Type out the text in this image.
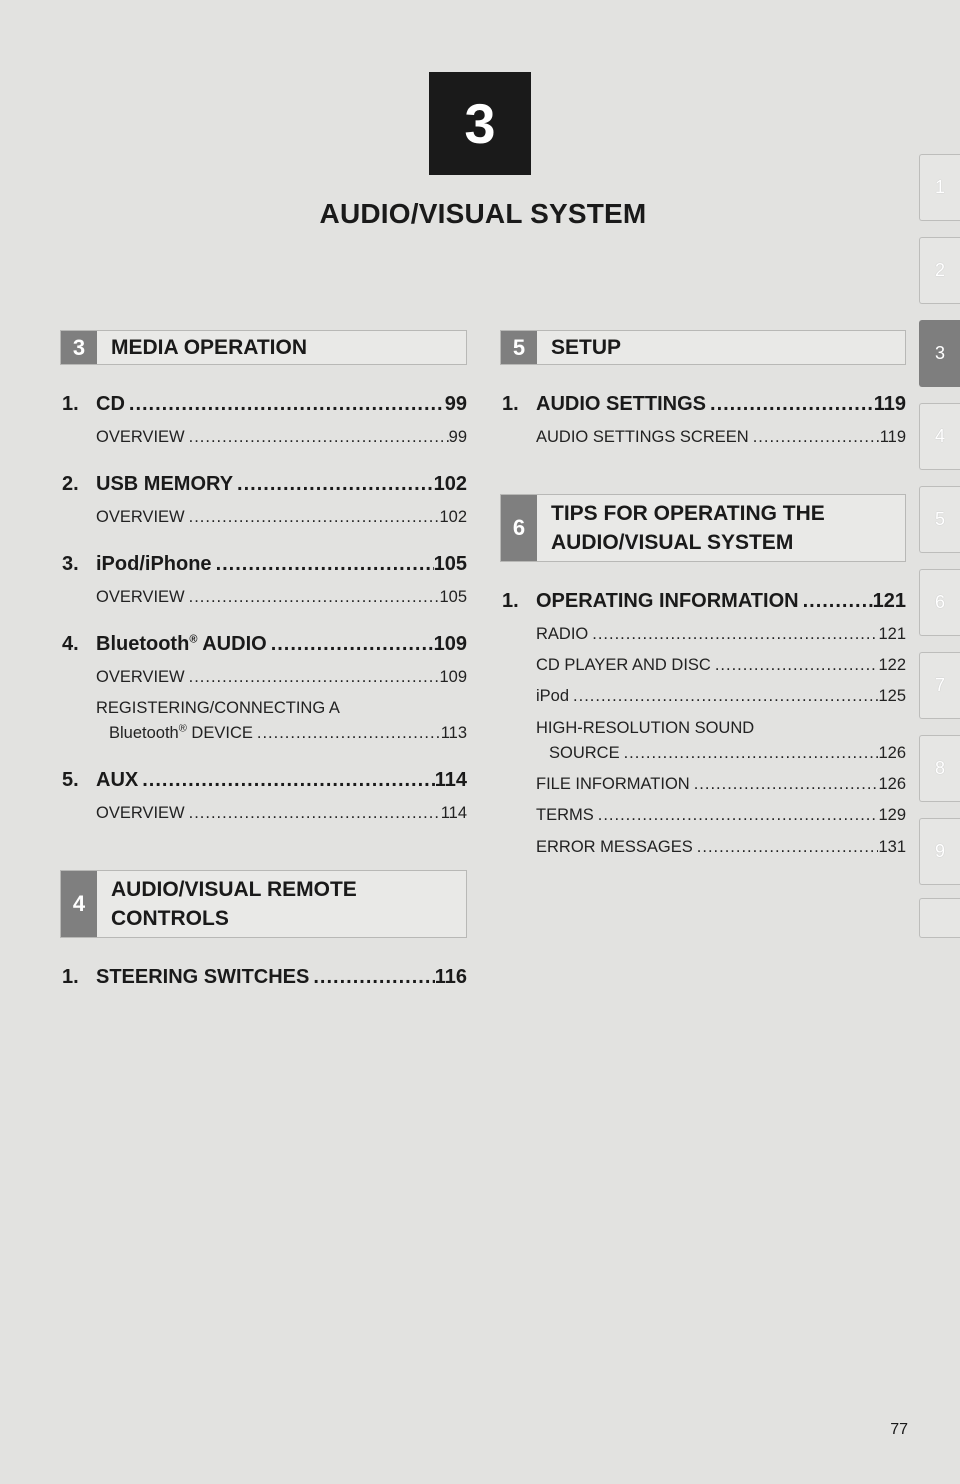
3
AUDIO/VISUAL SYSTEM
1
2
3
4
5
6
7
8
9
3	MEDIA OPERATION
1. CD .....	99
OVERVIEW .....	99
2. USB MEMORY .....	102
OVERVIEW .....	102
3. iPod/iPhone .....	105
OVERVIEW .....	105
4. Bluetooth® AUDIO .....	109
OVERVIEW .....	109
REGISTERING/CONNECTING A
Bluetooth® DEVICE .....	113
5. AUX .....	114
OVERVIEW .....	114
4
AUDIO/VISUAL REMOTE
CONTROLS
1. STEERING SWITCHES .....	116
5	SETUP
1. AUDIO SETTINGS .....	119
AUDIO SETTINGS SCREEN .....	119
6
TIPS FOR OPERATING THE
AUDIO/VISUAL SYSTEM
1. OPERATING INFORMATION .....	121
RADIO .....	121
CD PLAYER AND DISC .....	122
iPod .....	125
HIGH-RESOLUTION SOUND
SOURCE .....	126
FILE INFORMATION .....	126
TERMS .....	129
ERROR MESSAGES .....	131
77
